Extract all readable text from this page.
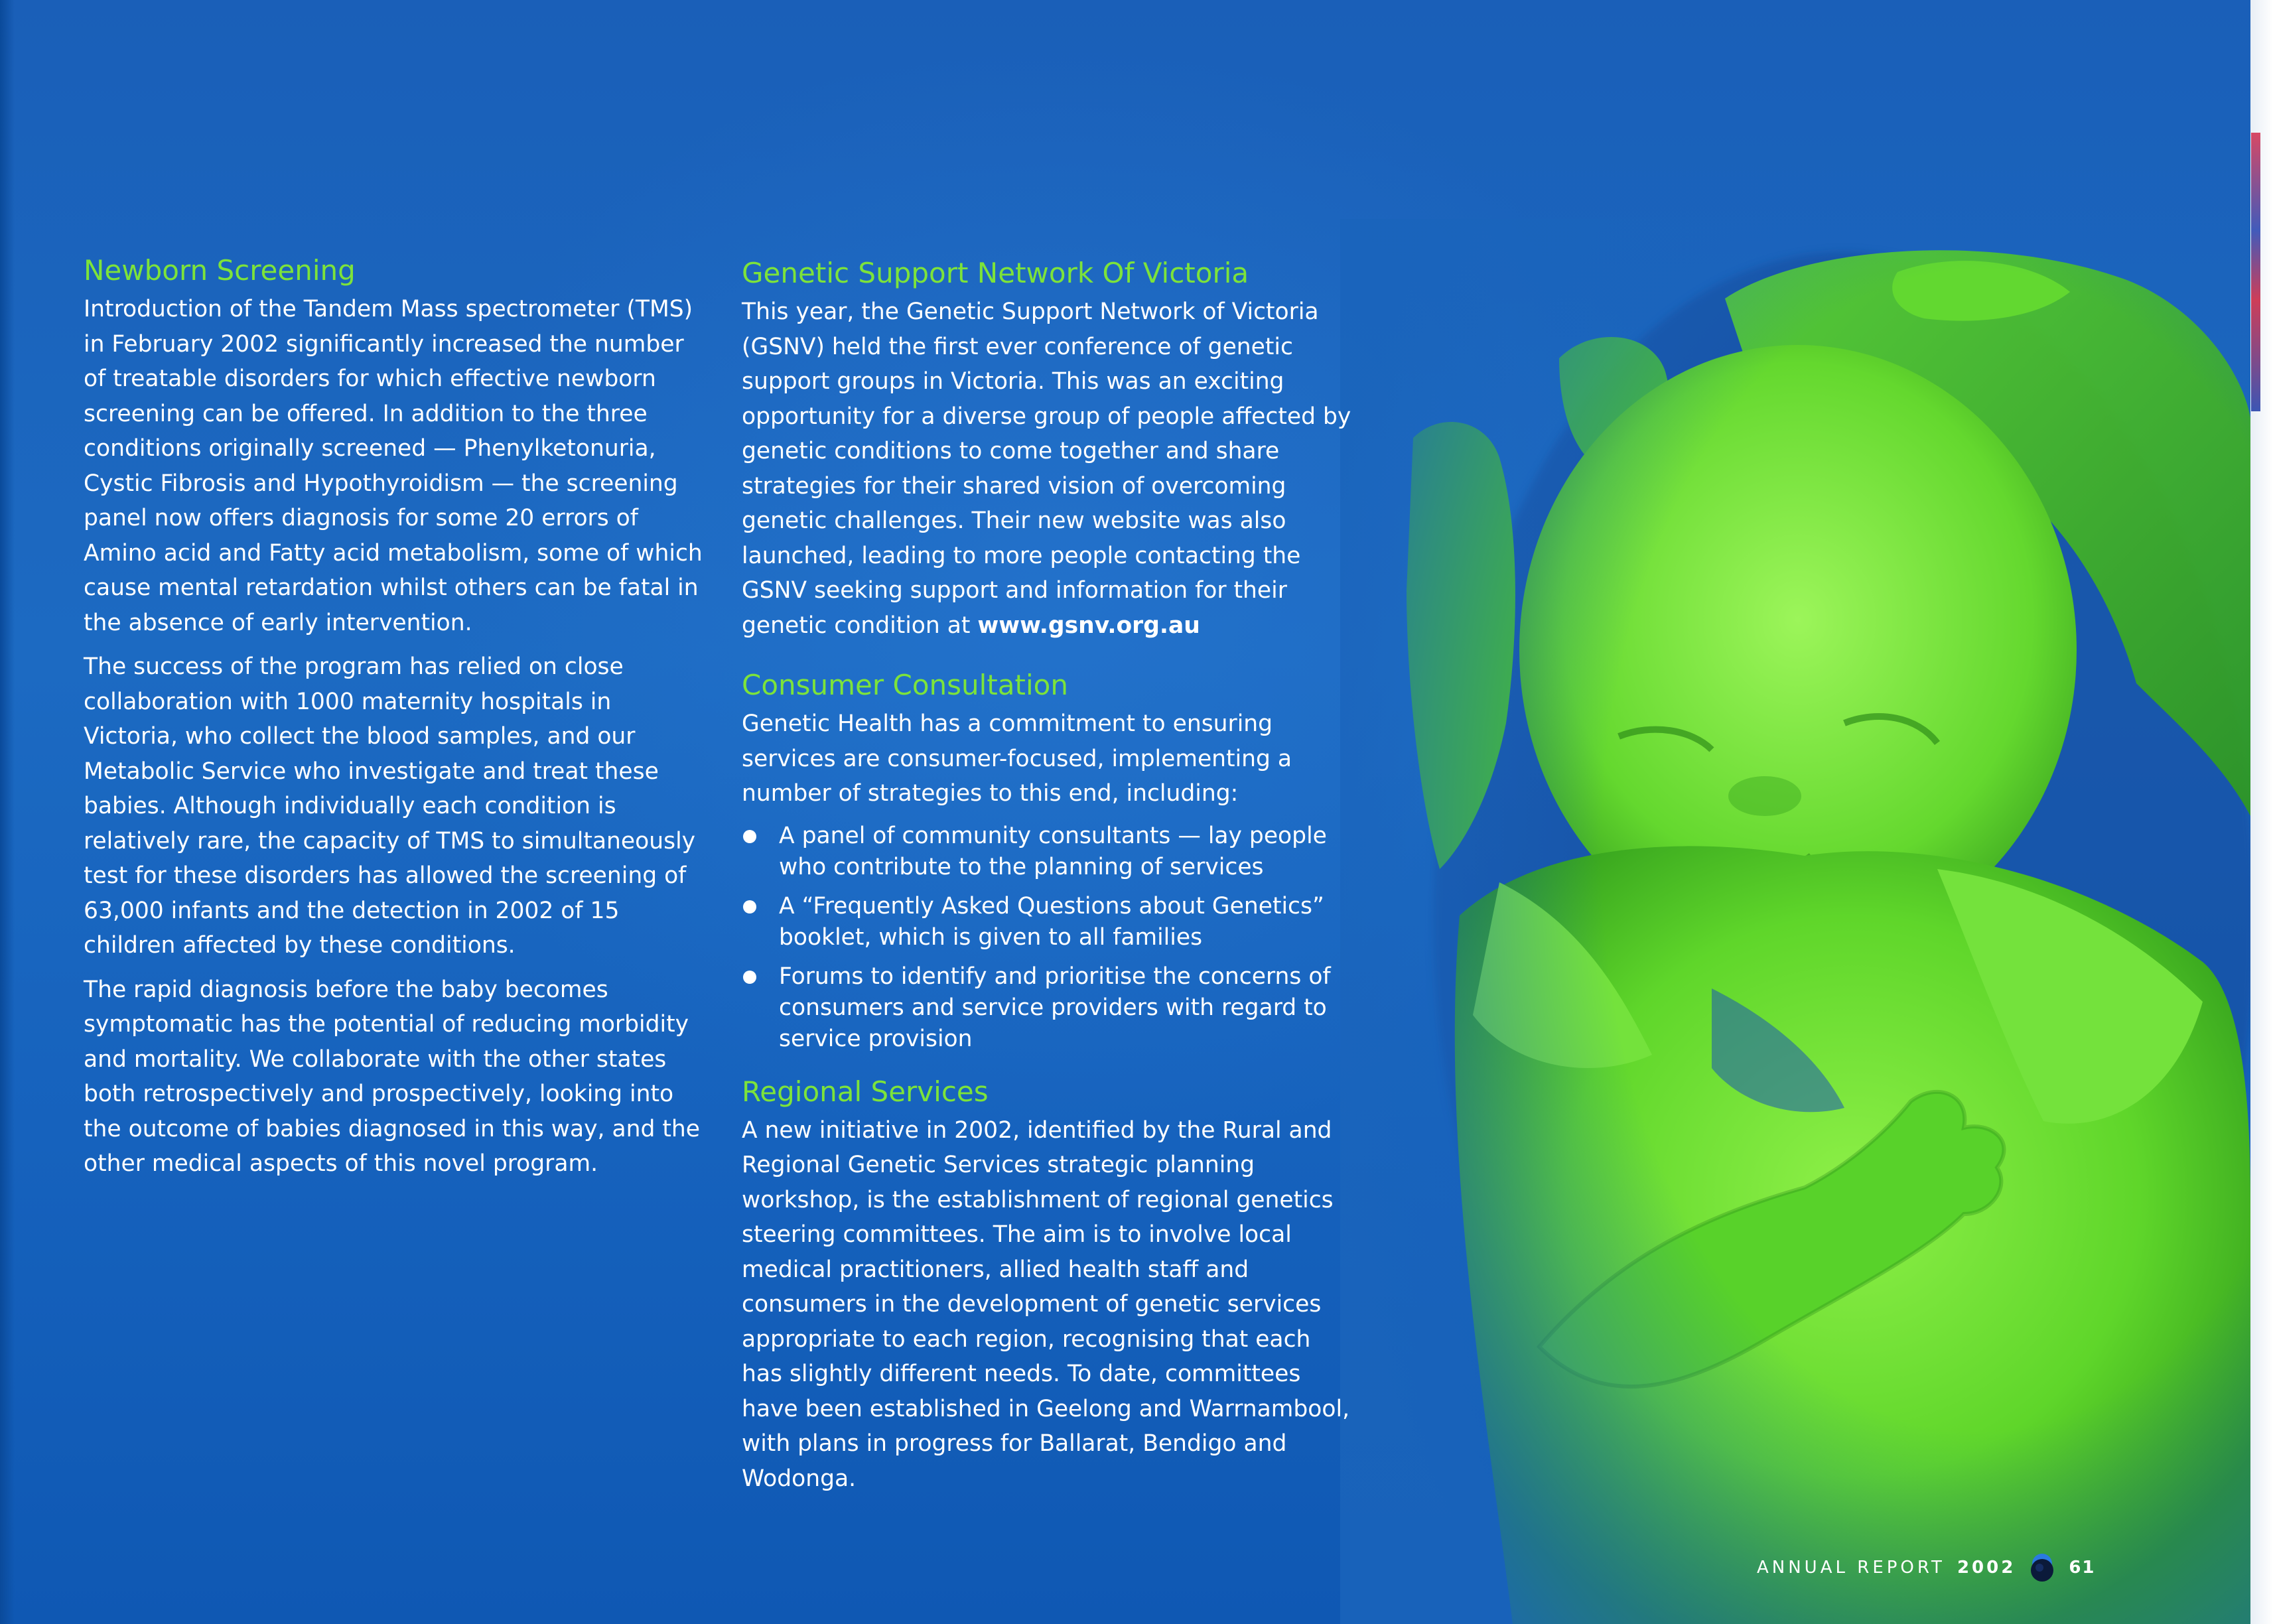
Newborn Screening

Introduction of the Tandem Mass spectrometer (TMS) in February 2002 significantly increased the number of treatable disorders for which effective newborn screening can be offered. In addition to the three conditions originally screened — Phenylketonuria, Cystic Fibrosis and Hypothyroidism — the screening panel now offers diagnosis for some 20 errors of Amino acid and Fatty acid metabolism, some of which cause mental retardation whilst others can be fatal in the absence of early intervention.

The success of the program has relied on close collaboration with 1000 maternity hospitals in Victoria, who collect the blood samples, and our Metabolic Service who investigate and treat these babies. Although individually each condition is relatively rare, the capacity of TMS to simultaneously test for these disorders has allowed the screening of 63,000 infants and the detection in 2002 of 15 children affected by these conditions.

The rapid diagnosis before the baby becomes symptomatic has the potential of reducing morbidity and mortality. We collaborate with the other states both retrospectively and prospectively, looking into the outcome of babies diagnosed in this way, and the other medical aspects of this novel program.

Genetic Support Network Of Victoria

This year, the Genetic Support Network of Victoria (GSNV) held the first ever conference of genetic support groups in Victoria. This was an exciting opportunity for a diverse group of people affected by genetic conditions to come together and share strategies for their shared vision of overcoming genetic challenges. Their new website was also launched, leading to more people contacting the GSNV seeking support and information for their genetic condition at www.gsnv.org.au

Consumer Consultation

Genetic Health has a commitment to ensuring services are consumer-focused, implementing a number of strategies to this end, including:

A panel of community consultants — lay people who contribute to the planning of services
A “Frequently Asked Questions about Genetics” booklet, which is given to all families
Forums to identify and prioritise the concerns of consumers and service providers with regard to service provision
Regional Services

A new initiative in 2002, identified by the Rural and Regional Genetic Services strategic planning workshop, is the establishment of regional genetics steering committees. The aim is to involve local medical practitioners, allied health staff and consumers in the development of genetic services appropriate to each region, recognising that each has slightly different needs. To date, committees have been established in Geelong and Warrnambool, with plans in progress for Ballarat, Bendigo and Wodonga.

ANNUAL REPORT 2002	61
